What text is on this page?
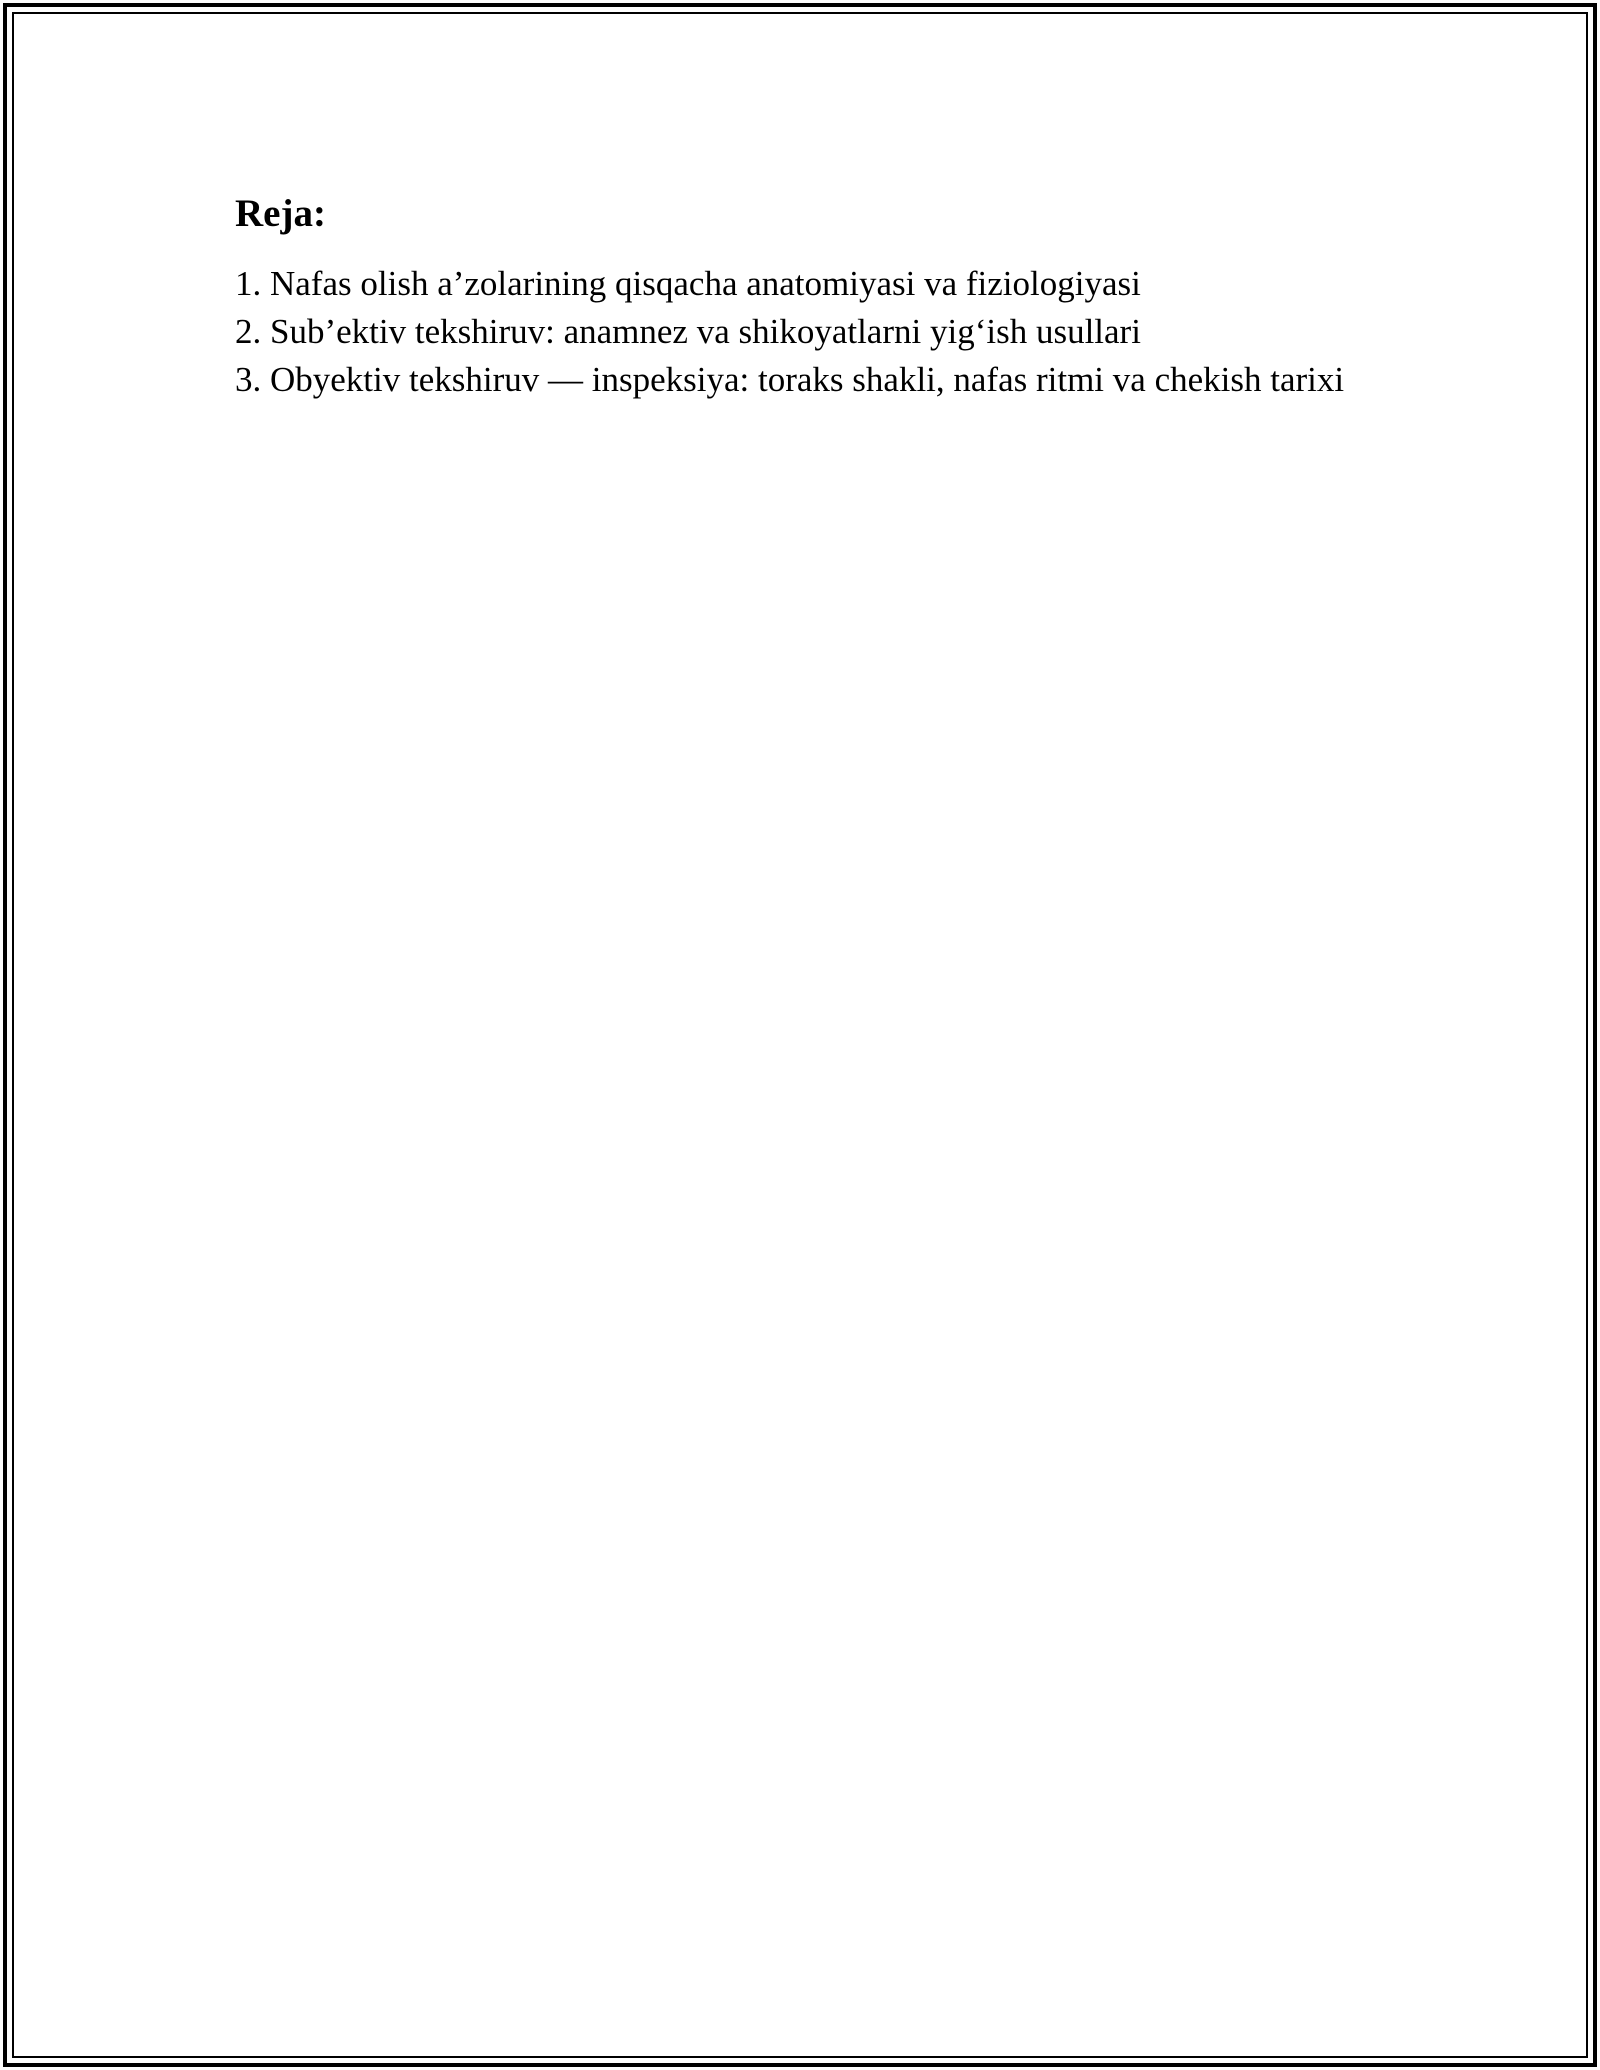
Reja:
1. Nafas olish a’zolarining qisqacha anatomiyasi va fiziologiyasi
2. Sub’ektiv tekshiruv: anamnez va shikoyatlarni yig‘ish usullari
3. Obyektiv tekshiruv — inspeksiya: toraks shakli, nafas ritmi va chekish tarixi
